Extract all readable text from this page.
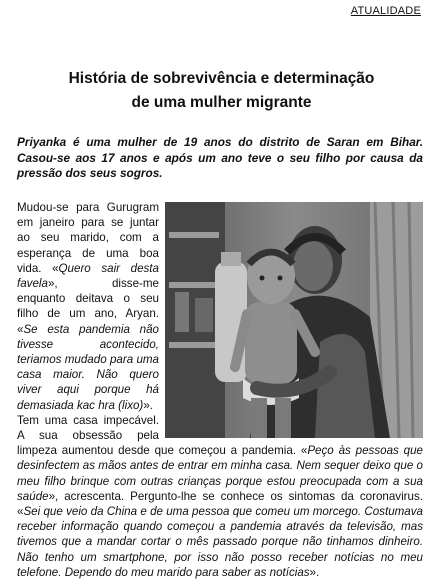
ATUALIDADE
História de sobrevivência e determinação
de uma mulher migrante
Priyanka é uma mulher de 19 anos do distrito de Saran em Bihar. Casou-se aos 17 anos e após um ano teve o seu filho por causa da pressão dos seus sogros.

Mudou-se para Gurugram em janeiro para se juntar ao seu marido, com a esperança de uma boa vida. «Quero sair desta favela», disse-me enquanto deitava o seu filho de um ano, Aryan. «Se esta pandemia não tivesse acontecido, teriamos mudado para uma casa maior. Não quero viver aqui porque há demasiada kac hra (lixo)».

Tem uma casa impecável. A sua obsessão pela limpeza aumentou desde que começou a pandemia. «Peço às pessoas que desinfectem as mãos antes de entrar em minha casa. Nem sequer deixo que o meu filho brinque com outras crianças porque estou preocupada com a sua saúde», acrescenta. Pergunto-lhe se conhece os sintomas da coronavirus. «Sei que veio da China e de uma pessoa que comeu um morcego. Costumava receber informação quando começou a pandemia através da televisão, mas tivemos que a mandar cortar o mês passado porque não tinhamos dinheiro. Não tenho um smartphone, por isso não posso receber notícias no meu telefone. Dependo do meu marido para saber as notícias».
